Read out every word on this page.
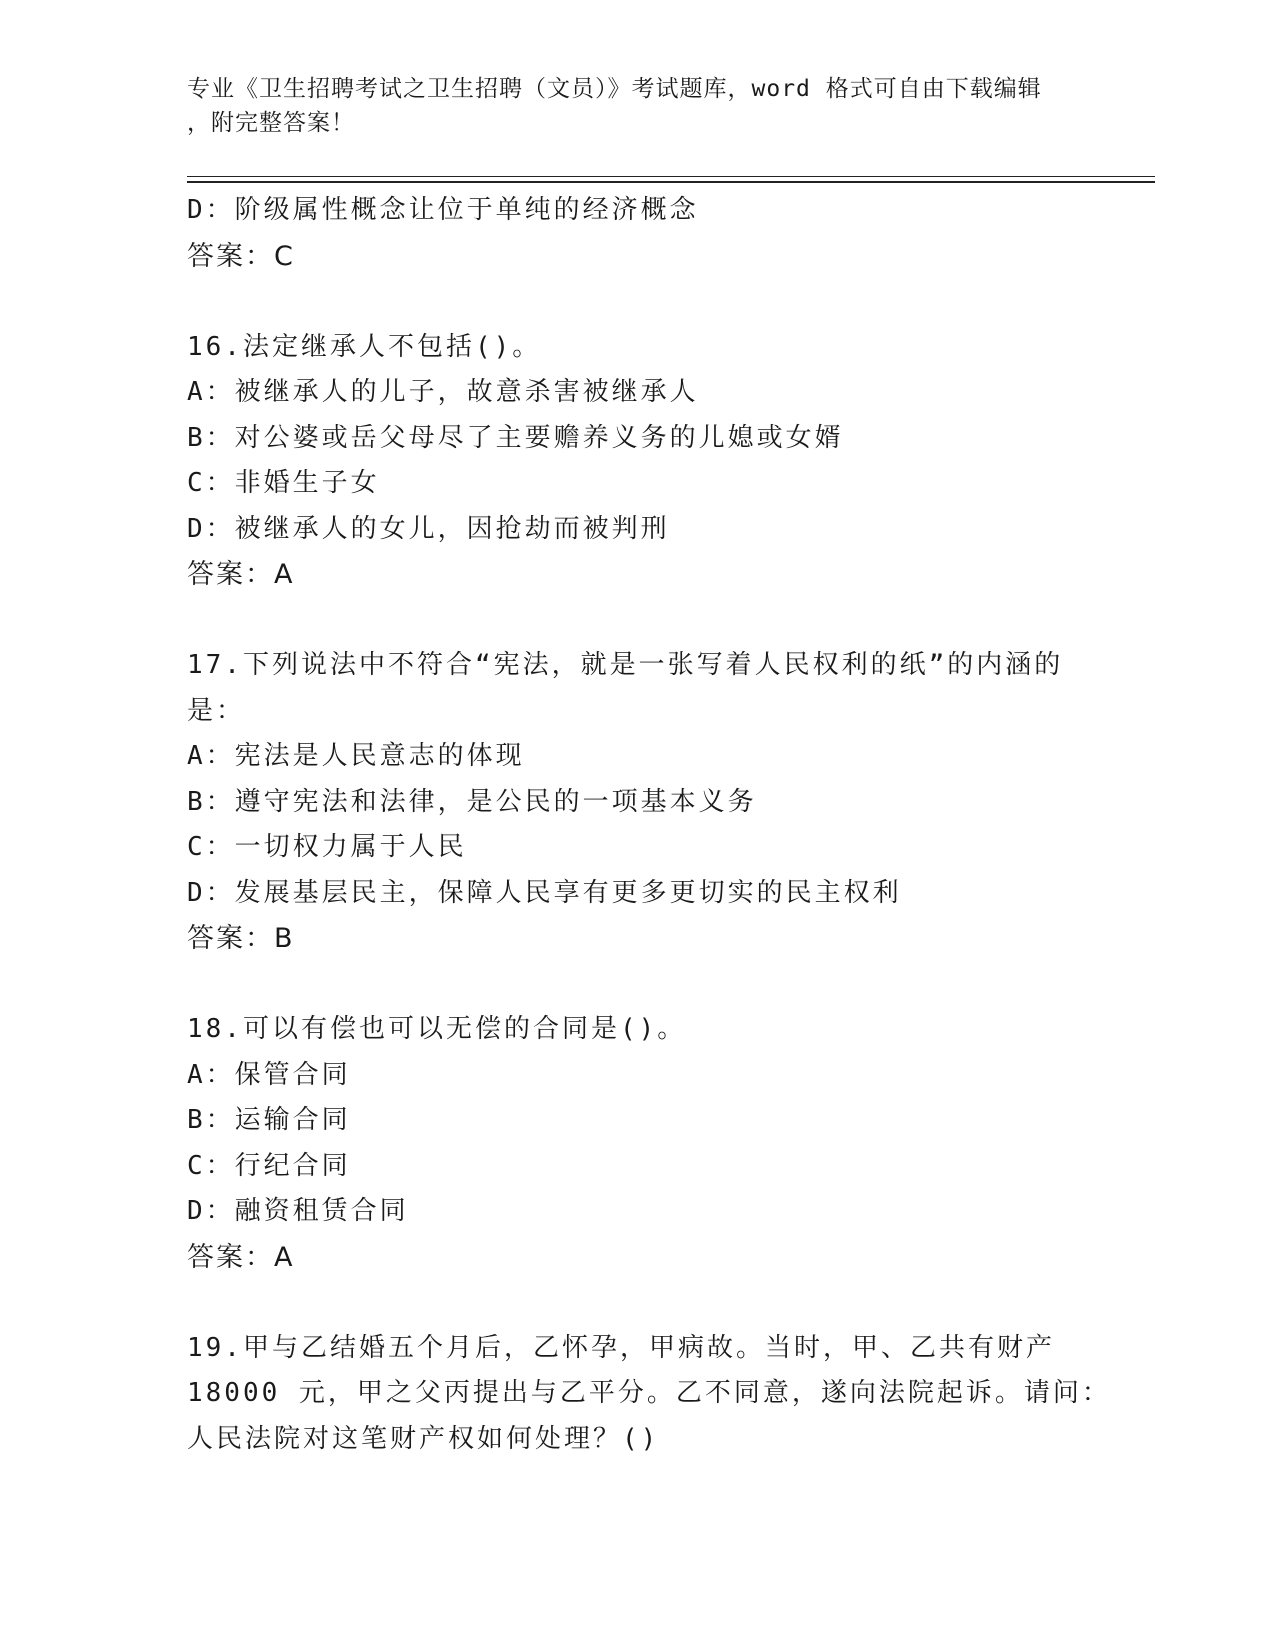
专业《卫生招聘考试之卫生招聘（文员）》考试题库，word 格式可自由下载编辑
，附完整答案！
D：阶级属性概念让位于单纯的经济概念
答案：C
16.法定继承人不包括()。
A：被继承人的儿子，故意杀害被继承人
B：对公婆或岳父母尽了主要赡养义务的儿媳或女婿
C：非婚生子女
D：被继承人的女儿，因抢劫而被判刑
答案：A
17.下列说法中不符合“宪法，就是一张写着人民权利的纸”的内涵的
是：
A：宪法是人民意志的体现
B：遵守宪法和法律，是公民的一项基本义务
C：一切权力属于人民
D：发展基层民主，保障人民享有更多更切实的民主权利
答案：B
18.可以有偿也可以无偿的合同是()。
A：保管合同
B：运输合同
C：行纪合同
D：融资租赁合同
答案：A
19.甲与乙结婚五个月后，乙怀孕，甲病故。当时，甲、乙共有财产
18000 元，甲之父丙提出与乙平分。乙不同意，遂向法院起诉。请问：
人民法院对这笔财产权如何处理？()
